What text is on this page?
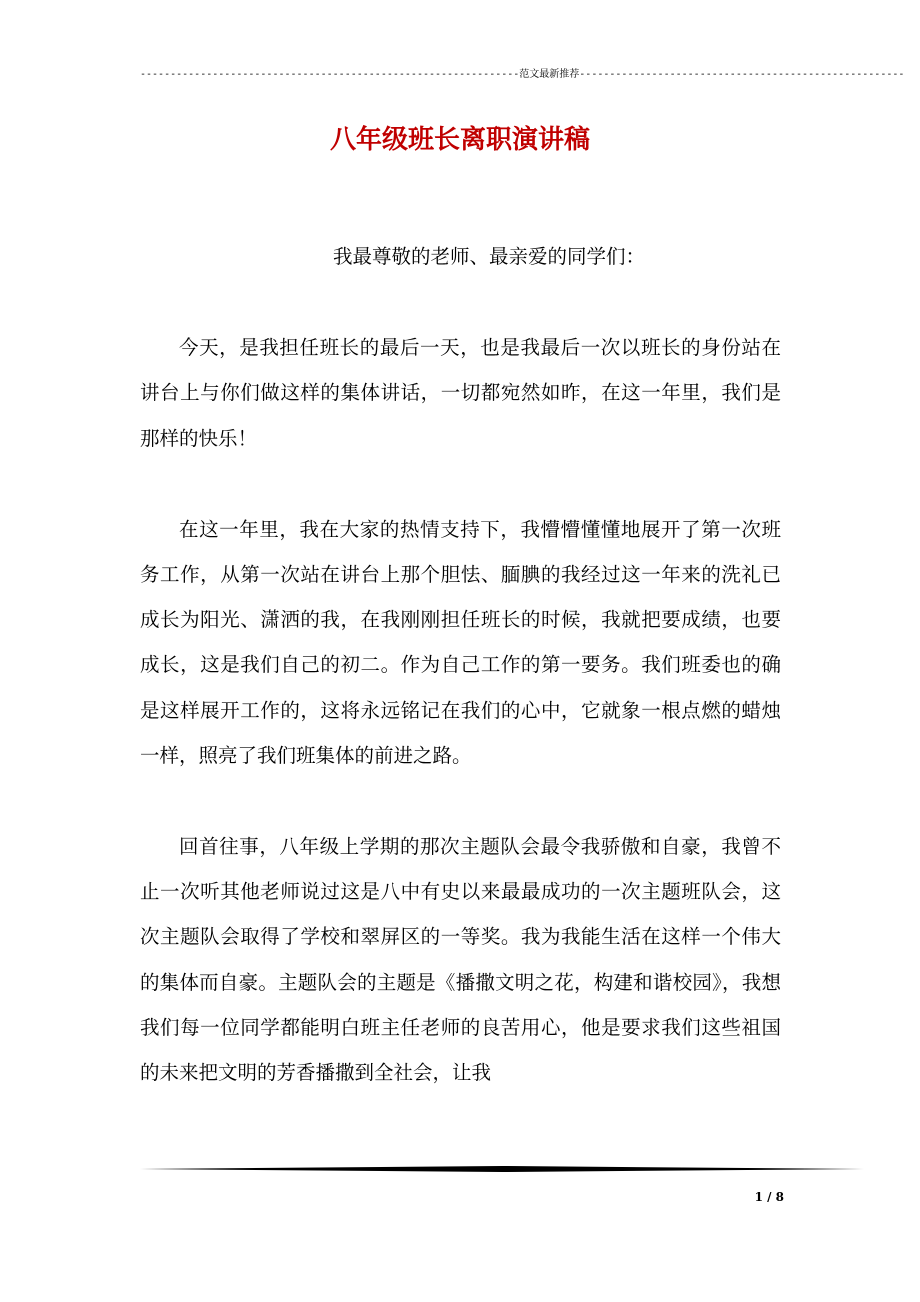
---------------------------------------------------------------范文最新推荐------------------------------------------------------
八年级班长离职演讲稿

我最尊敬的老师、最亲爱的同学们：

今天，是我担任班长的最后一天，也是我最后一次以班长的身份站在讲台上与你们做这样的集体讲话，一切都宛然如昨，在这一年里，我们是那样的快乐！

在这一年里，我在大家的热情支持下，我懵懵懂懂地展开了第一次班务工作，从第一次站在讲台上那个胆怯、腼腆的我经过这一年来的洗礼已成长为阳光、潇洒的我，在我刚刚担任班长的时候，我就把要成绩，也要成长，这是我们自己的初二。作为自己工作的第一要务。我们班委也的确是这样展开工作的，这将永远铭记在我们的心中，它就象一根点燃的蜡烛一样，照亮了我们班集体的前进之路。

回首往事，八年级上学期的那次主题队会最令我骄傲和自豪，我曾不止一次听其他老师说过这是八中有史以来最最成功的一次主题班队会，这次主题队会取得了学校和翠屏区的一等奖。我为我能生活在这样一个伟大的集体而自豪。主题队会的主题是《播撒文明之花，构建和谐校园》，我想我们每一位同学都能明白班主任老师的良苦用心，他是要求我们这些祖国的未来把文明的芳香播撒到全社会，让我

1 / 8
